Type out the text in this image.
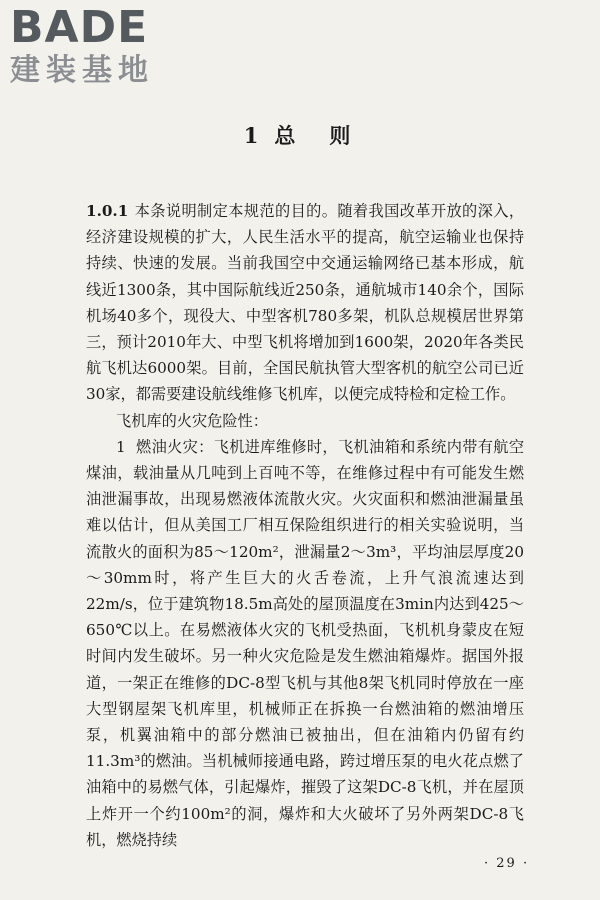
BADE
建装基地
1 总 则

1.0.1 本条说明制定本规范的目的。随着我国改革开放的深入，经济建设规模的扩大，人民生活水平的提高，航空运输业也保持持续、快速的发展。当前我国空中交通运输网络已基本形成，航线近1300条，其中国际航线近250条，通航城市140余个，国际机场40多个，现役大、中型客机780多架，机队总规模居世界第三，预计2010年大、中型飞机将增加到1600架，2020年各类民航飞机达6000架。目前，全国民航执管大型客机的航空公司已近30家，都需要建设航线维修飞机库，以便完成特检和定检工作。

飞机库的火灾危险性：

1 燃油火灾：飞机进库维修时，飞机油箱和系统内带有航空煤油，载油量从几吨到上百吨不等，在维修过程中有可能发生燃油泄漏事故，出现易燃液体流散火灾。火灾面积和燃油泄漏量虽难以估计，但从美国工厂相互保险组织进行的相关实验说明，当流散火的面积为85～120m²，泄漏量2～3m³，平均油层厚度20～30mm时，将产生巨大的火舌卷流，上升气浪流速达到22m/s，位于建筑物18.5m高处的屋顶温度在3min内达到425～650℃以上。在易燃液体火灾的飞机受热面，飞机机身蒙皮在短时间内发生破坏。另一种火灾危险是发生燃油箱爆炸。据国外报道，一架正在维修的DC-8型飞机与其他8架飞机同时停放在一座大型钢屋架飞机库里，机械师正在拆换一台燃油箱的燃油增压泵，机翼油箱中的部分燃油已被抽出，但在油箱内仍留有约11.3m³的燃油。当机械师接通电路，跨过增压泵的电火花点燃了油箱中的易燃气体，引起爆炸，摧毁了这架DC-8飞机，并在屋顶上炸开一个约100m²的洞，爆炸和大火破坏了另外两架DC-8飞机，燃烧持续

· 29 ·
